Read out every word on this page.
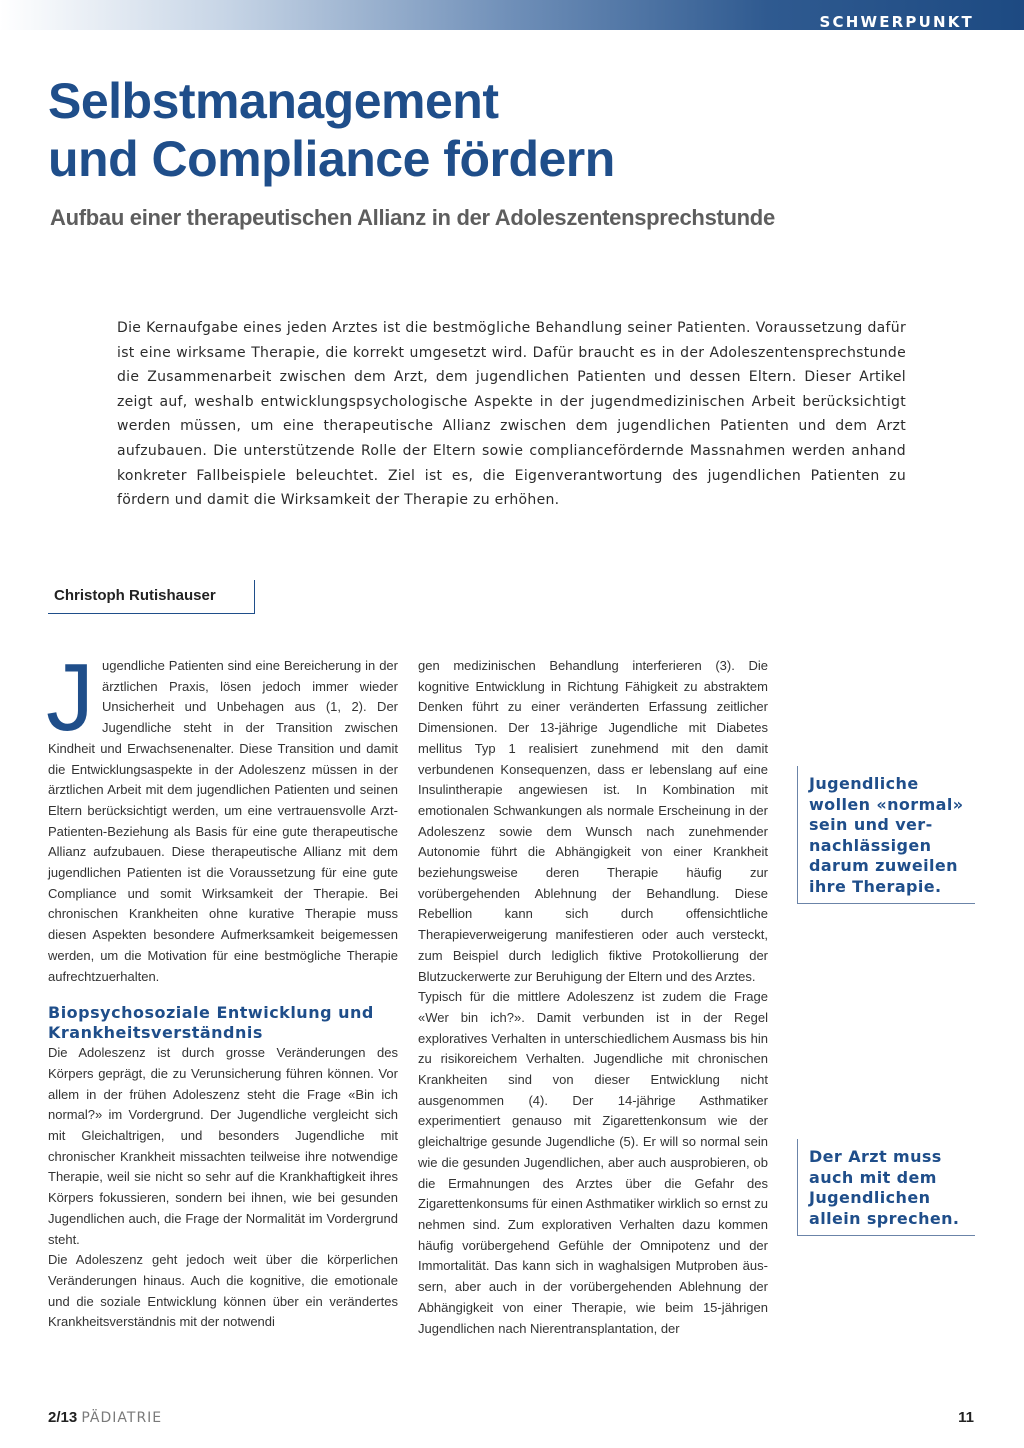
SCHWERPUNKT
Selbstmanagement
und Compliance fördern
Aufbau einer therapeutischen Allianz in der Adoleszentensprechstunde

Die Kernaufgabe eines jeden Arztes ist die bestmögliche Behandlung seiner Patienten. Voraussetzung dafür ist eine wirksame Therapie, die korrekt umgesetzt wird. Dafür braucht es in der Adoleszentensprechstunde die Zusammenarbeit zwischen dem Arzt, dem jugendlichen Patienten und dessen Eltern. Dieser Artikel zeigt auf, weshalb entwicklungspsychologische Aspekte in der jugendmedizinischen Arbeit berücksichtigt werden müssen, um eine therapeutische Allianz zwischen dem jugendlichen Patienten und dem Arzt aufzubauen. Die unterstützende Rolle der Eltern sowie compliancefördernde Massnahmen werden anhand konkreter Fallbeispiele beleuchtet. Ziel ist es, die Eigenverantwortung des jugendlichen Patienten zu fördern und damit die Wirksamkeit der Therapie zu erhöhen.

Christoph Rutishauser

Jugendliche Patienten sind eine Bereicherung in der ärztlichen Praxis, lösen jedoch immer wieder Unsicherheit und Unbehagen aus (1, 2). Der Jugendliche steht in der Transition zwischen Kindheit und Erwachsenenalter. Diese Transition und damit die Entwicklungsaspekte in der Adoleszenz müssen in der ärztlichen Arbeit mit dem jugendlichen Patienten und seinen Eltern berücksichtigt werden, um eine vertrauensvolle Arzt-Patienten-Beziehung als Basis für eine gute therapeutische Allianz aufzubauen. Diese therapeutische Allianz mit dem jugendlichen Patienten ist die Voraussetzung für eine gute Compliance und somit Wirksamkeit der Therapie. Bei chronischen Krankheiten ohne kurative Therapie muss diesen Aspekten besondere Aufmerksamkeit beigemessen werden, um die Motivation für eine bestmögliche Therapie aufrechtzuerhalten.

Biopsychosoziale Entwicklung und Krankheitsverständnis

Die Adoleszenz ist durch grosse Veränderungen des Körpers geprägt, die zu Verunsicherung führen können. Vor allem in der frühen Adoleszenz steht die Frage «Bin ich normal?» im Vordergrund. Der Jugendliche vergleicht sich mit Gleichaltrigen, und besonders Jugendliche mit chronischer Krankheit missachten teilweise ihre notwendige Therapie, weil sie nicht so sehr auf die Krankhaftigkeit ihres Körpers fokussieren, sondern bei ihnen, wie bei gesunden Jugendlichen auch, die Frage der Normalität im Vordergrund steht.

Die Adoleszenz geht jedoch weit über die körperlichen Veränderungen hinaus. Auch die kognitive, die emotionale und die soziale Entwicklung können über ein verändertes Krankheitsverständnis mit der notwendi

gen medizinischen Behandlung interferieren (3). Die kognitive Entwicklung in Richtung Fähigkeit zu abstraktem Denken führt zu einer veränderten Erfassung zeitlicher Dimensionen. Der 13-jährige Jugendliche mit Diabetes mellitus Typ 1 realisiert zunehmend mit den damit verbundenen Konsequenzen, dass er lebenslang auf eine Insulintherapie angewiesen ist. In Kombination mit emotionalen Schwankungen als normale Erscheinung in der Adoleszenz sowie dem Wunsch nach zunehmender Autonomie führt die Abhängigkeit von einer Krankheit beziehungsweise deren Therapie häufig zur vorübergehenden Ablehnung der Behandlung. Diese Rebellion kann sich durch offensichtliche Therapieverweigerung manifestieren oder auch versteckt, zum Beispiel durch lediglich fiktive Protokollierung der Blutzuckerwerte zur Beruhigung der Eltern und des Arztes.

Typisch für die mittlere Adoleszenz ist zudem die Frage «Wer bin ich?». Damit verbunden ist in der Regel exploratives Verhalten in unterschiedlichem Ausmass bis hin zu risikoreichem Verhalten. Jugendliche mit chronischen Krankheiten sind von dieser Entwicklung nicht ausgenommen (4). Der 14-jährige Asthmatiker experimentiert genauso mit Zigarettenkonsum wie der gleichaltrige gesunde Jugendliche (5). Er will so normal sein wie die gesunden Jugendlichen, aber auch ausprobieren, ob die Ermahnungen des Arztes über die Gefahr des Zigarettenkonsums für einen Asthmatiker wirklich so ernst zu nehmen sind. Zum explorativen Verhalten dazu kommen häufig vorübergehend Gefühle der Omnipotenz und der Immortalität. Das kann sich in waghalsigen Mutproben äussern, aber auch in der vorübergehenden Ablehnung der Abhängigkeit von einer Therapie, wie beim 15-jährigen Jugendlichen nach Nierentransplantation, der

Jugendliche wollen «normal» sein und vernachlässigen darum zuweilen ihre Therapie.
Der Arzt muss auch mit dem Jugendlichen allein sprechen.
2/13 PÄDIATRIE	11
